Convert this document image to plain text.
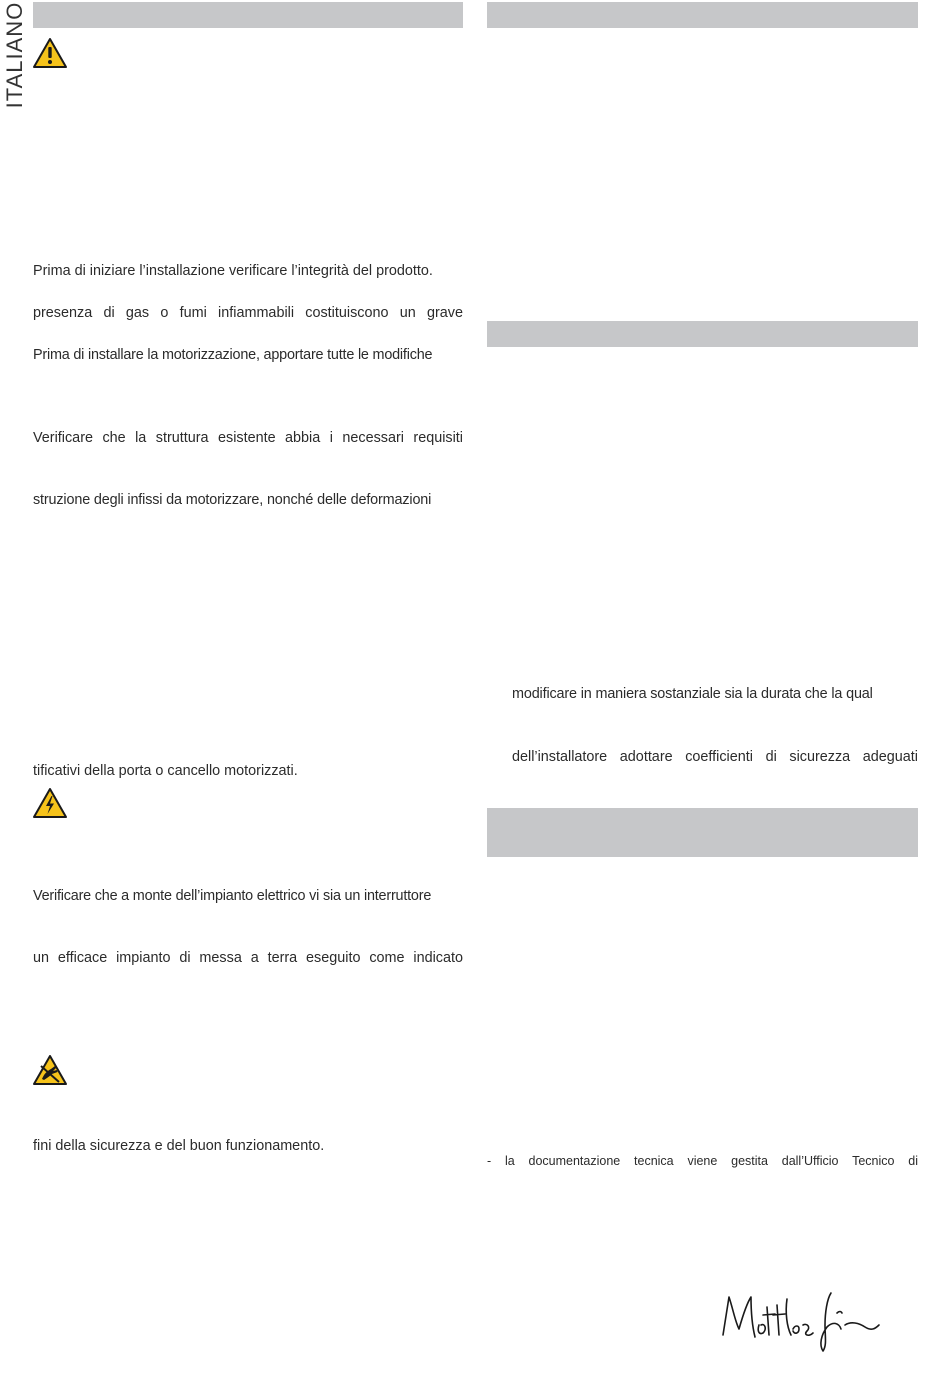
ITALIANO
Prima di iniziare l’installazione verificare l’integrità del prodotto.
presenza di gas o fumi infiammabili costituiscono un grave
Prima di installare la motorizzazione, apportare tutte le modifiche
Verificare che la struttura esistente abbia i necessari requisiti
struzione degli infissi da motorizzare, nonché delle deformazioni
tificativi della porta o cancello motorizzati.
Verificare che a monte dell’impianto elettrico vi sia un interruttore
un efficace impianto di messa a terra eseguito come indicato
fini della sicurezza e del buon funzionamento.
modificare in maniera sostanziale sia la durata che la qual
dell’installatore adottare coefficienti di sicurezza adeguati
- la documentazione tecnica viene gestita dall’Ufficio Tecnico di
